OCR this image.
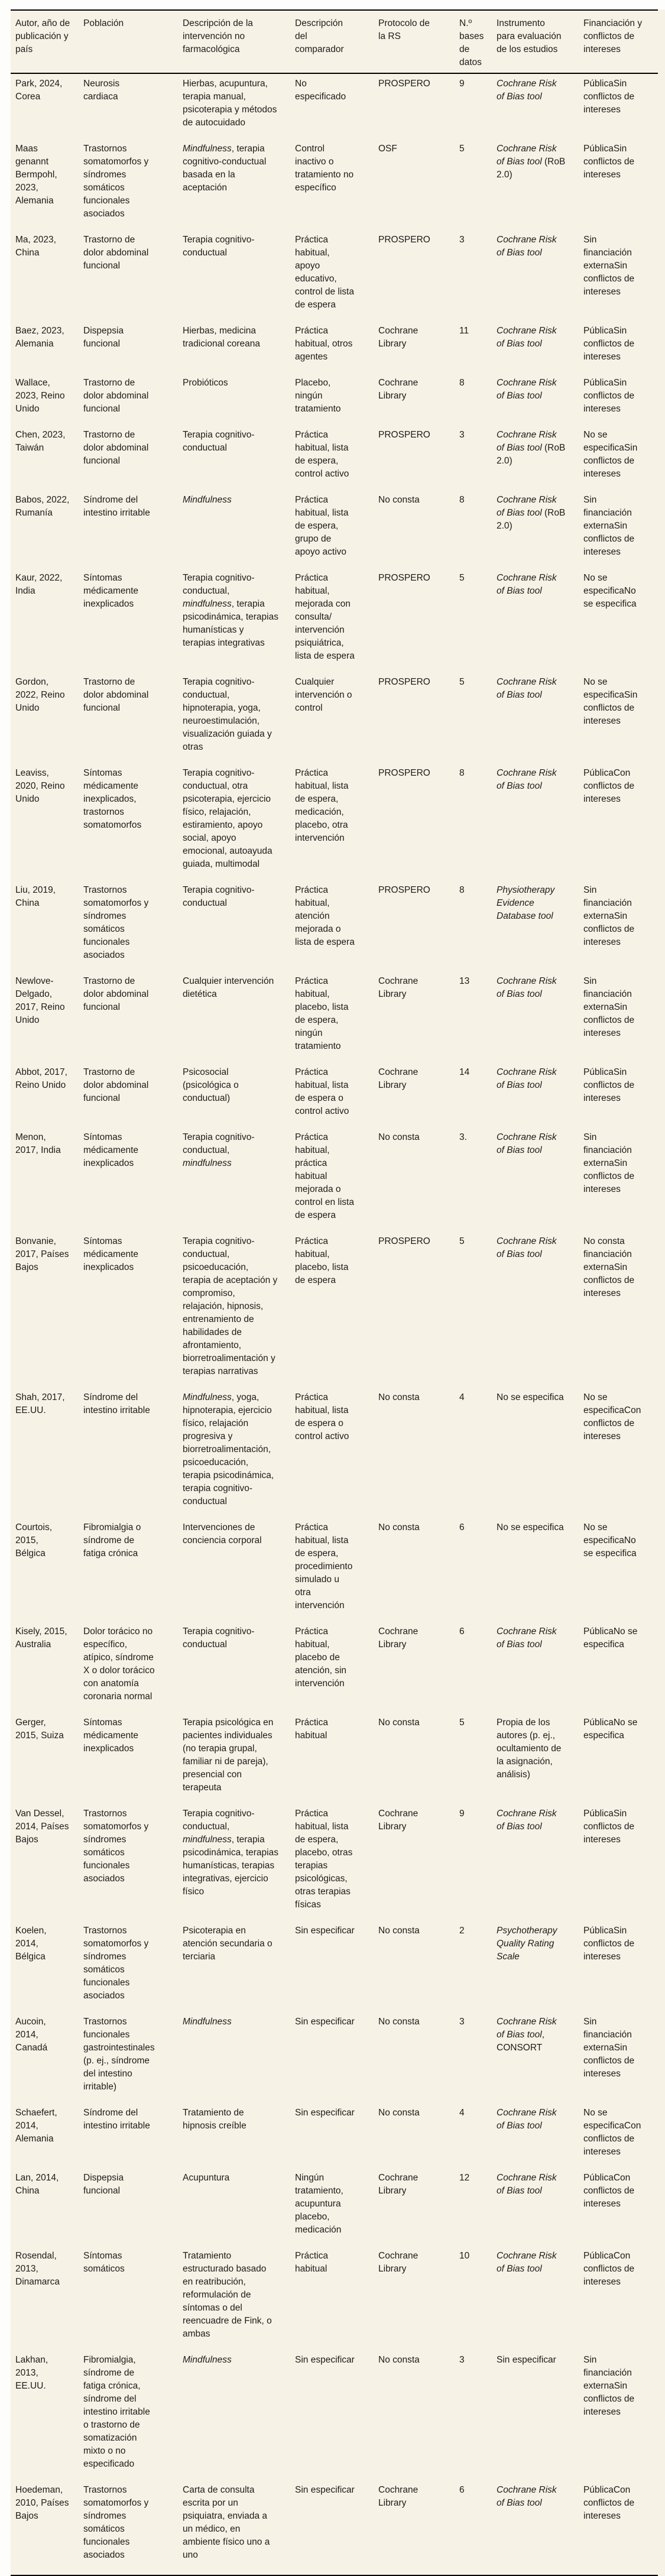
Autor, año de publicación y país	Población	Descripción de la intervención no farmacológica	Descripción del comparador	Protocolo de la RS	N.º bases de datos	Instrumento para evaluación de los estudios	Financiación y conflictos de intereses
Park, 2024, Corea	Neurosis cardiaca	Hierbas, acupuntura, terapia manual, psicoterapia y métodos de autocuidado	No especificado	PROSPERO	9	Cochrane Risk of Bias tool	PúblicaSin conflictos de intereses
Maas genannt Bermpohl, 2023, Alemania	Trastornos somatomorfos y síndromes somáticos funcionales asociados	Mindfulness, terapia cognitivo-conductual basada en la aceptación	Control inactivo o tratamiento no específico	OSF	5	Cochrane Risk of Bias tool (RoB 2.0)	PúblicaSin conflictos de intereses
Ma, 2023, China	Trastorno de dolor abdominal funcional	Terapia cognitivo-conductual	Práctica habitual, apoyo educativo, control de lista de espera	PROSPERO	3	Cochrane Risk of Bias tool	Sin financiación externaSin conflictos de intereses
Baez, 2023, Alemania	Dispepsia funcional	Hierbas, medicina tradicional coreana	Práctica habitual, otros agentes	Cochrane Library	11	Cochrane Risk of Bias tool	PúblicaSin conflictos de intereses
Wallace, 2023, Reino Unido	Trastorno de dolor abdominal funcional	Probióticos	Placebo, ningún tratamiento	Cochrane Library	8	Cochrane Risk of Bias tool	PúblicaSin conflictos de intereses
Chen, 2023, Taiwán	Trastorno de dolor abdominal funcional	Terapia cognitivo-conductual	Práctica habitual, lista de espera, control activo	PROSPERO	3	Cochrane Risk of Bias tool (RoB 2.0)	No se especificaSin conflictos de intereses
Babos, 2022, Rumanía	Síndrome del intestino irritable	Mindfulness	Práctica habitual, lista de espera, grupo de apoyo activo	No consta	8	Cochrane Risk of Bias tool (RoB 2.0)	Sin financiación externaSin conflictos de intereses
Kaur, 2022, India	Síntomas médicamente inexplicados	Terapia cognitivo-conductual, mindfulness, terapia psicodinámica, terapias humanísticas y terapias integrativas	Práctica habitual, mejorada con consulta/ intervención psiquiátrica, lista de espera	PROSPERO	5	Cochrane Risk of Bias tool	No se especificaNo se especifica
Gordon, 2022, Reino Unido	Trastorno de dolor abdominal funcional	Terapia cognitivo-conductual, hipnoterapia, yoga, neuroestimulación, visualización guiada y otras	Cualquier intervención o control	PROSPERO	5	Cochrane Risk of Bias tool	No se especificaSin conflictos de intereses
Leaviss, 2020, Reino Unido	Síntomas médicamente inexplicados, trastornos somatomorfos	Terapia cognitivo-conductual, otra psicoterapia, ejercicio físico, relajación, estiramiento, apoyo social, apoyo emocional, autoayuda guiada, multimodal	Práctica habitual, lista de espera, medicación, placebo, otra intervención	PROSPERO	8	Cochrane Risk of Bias tool	PúblicaCon conflictos de intereses
Liu, 2019, China	Trastornos somatomorfos y síndromes somáticos funcionales asociados	Terapia cognitivo-conductual	Práctica habitual, atención mejorada o lista de espera	PROSPERO	8	Physiotherapy Evidence Database tool	Sin financiación externaSin conflictos de intereses
Newlove-Delgado, 2017, Reino Unido	Trastorno de dolor abdominal funcional	Cualquier intervención dietética	Práctica habitual, placebo, lista de espera, ningún tratamiento	Cochrane Library	13	Cochrane Risk of Bias tool	Sin financiación externaSin conflictos de intereses
Abbot, 2017, Reino Unido	Trastorno de dolor abdominal funcional	Psicosocial (psicológica o conductual)	Práctica habitual, lista de espera o control activo	Cochrane Library	14	Cochrane Risk of Bias tool	PúblicaSin conflictos de intereses
Menon, 2017, India	Síntomas médicamente inexplicados	Terapia cognitivo-conductual, mindfulness	Práctica habitual, práctica habitual mejorada o control en lista de espera	No consta	3.	Cochrane Risk of Bias tool	Sin financiación externaSin conflictos de intereses
Bonvanie, 2017, Países Bajos	Síntomas médicamente inexplicados	Terapia cognitivo-conductual, psicoeducación, terapia de aceptación y compromiso, relajación, hipnosis, entrenamiento de habilidades de afrontamiento, biorretroalimentación y terapias narrativas	Práctica habitual, placebo, lista de espera	PROSPERO	5	Cochrane Risk of Bias tool	No consta financiación externaSin conflictos de intereses
Shah, 2017, EE.UU.	Síndrome del intestino irritable	Mindfulness, yoga, hipnoterapia, ejercicio físico, relajación progresiva y biorretroalimentación, psicoeducación, terapia psicodinámica, terapia cognitivo-conductual	Práctica habitual, lista de espera o control activo	No consta	4	No se especifica	No se especificaCon conflictos de intereses
Courtois, 2015, Bélgica	Fibromialgia o síndrome de fatiga crónica	Intervenciones de conciencia corporal	Práctica habitual, lista de espera, procedimiento simulado u otra intervención	No consta	6	No se especifica	No se especificaNo se especifica
Kisely, 2015, Australia	Dolor torácico no específico, atípico, síndrome X o dolor torácico con anatomía coronaria normal	Terapia cognitivo-conductual	Práctica habitual, placebo de atención, sin intervención	Cochrane Library	6	Cochrane Risk of Bias tool	PúblicaNo se especifica
Gerger, 2015, Suiza	Síntomas médicamente inexplicados	Terapia psicológica en pacientes individuales (no terapia grupal, familiar ni de pareja), presencial con terapeuta	Práctica habitual	No consta	5	Propia de los autores (p. ej., ocultamiento de la asignación, análisis)	PúblicaNo se especifica
Van Dessel, 2014, Países Bajos	Trastornos somatomorfos y síndromes somáticos funcionales asociados	Terapia cognitivo-conductual, mindfulness, terapia psicodinámica, terapias humanísticas, terapias integrativas, ejercicio físico	Práctica habitual, lista de espera, placebo, otras terapias psicológicas, otras terapias físicas	Cochrane Library	9	Cochrane Risk of Bias tool	PúblicaSin conflictos de intereses
Koelen, 2014, Bélgica	Trastornos somatomorfos y síndromes somáticos funcionales asociados	Psicoterapia en atención secundaria o terciaria	Sin especificar	No consta	2	Psychotherapy Quality Rating Scale	PúblicaSin conflictos de intereses
Aucoin, 2014, Canadá	Trastornos funcionales gastrointestinales (p. ej., síndrome del intestino irritable)	Mindfulness	Sin especificar	No consta	3	Cochrane Risk of Bias tool, CONSORT	Sin financiación externaSin conflictos de intereses
Schaefert, 2014, Alemania	Síndrome del intestino irritable	Tratamiento de hipnosis creíble	Sin especificar	No consta	4	Cochrane Risk of Bias tool	No se especificaCon conflictos de intereses
Lan, 2014, China	Dispepsia funcional	Acupuntura	Ningún tratamiento, acupuntura placebo, medicación	Cochrane Library	12	Cochrane Risk of Bias tool	PúblicaCon conflictos de intereses
Rosendal, 2013, Dinamarca	Síntomas somáticos	Tratamiento estructurado basado en reatribución, reformulación de síntomas o del reencuadre de Fink, o ambas	Práctica habitual	Cochrane Library	10	Cochrane Risk of Bias tool	PúblicaCon conflictos de intereses
Lakhan, 2013, EE.UU.	Fibromialgia, síndrome de fatiga crónica, síndrome del intestino irritable o trastorno de somatización mixto o no especificado	Mindfulness	Sin especificar	No consta	3	Sin especificar	Sin financiación externaSin conflictos de intereses
Hoedeman, 2010, Países Bajos	Trastornos somatomorfos y síndromes somáticos funcionales asociados	Carta de consulta escrita por un psiquiatra, enviada a un médico, en ambiente físico uno a uno	Sin especificar	Cochrane Library	6	Cochrane Risk of Bias tool	PúblicaCon conflictos de intereses
